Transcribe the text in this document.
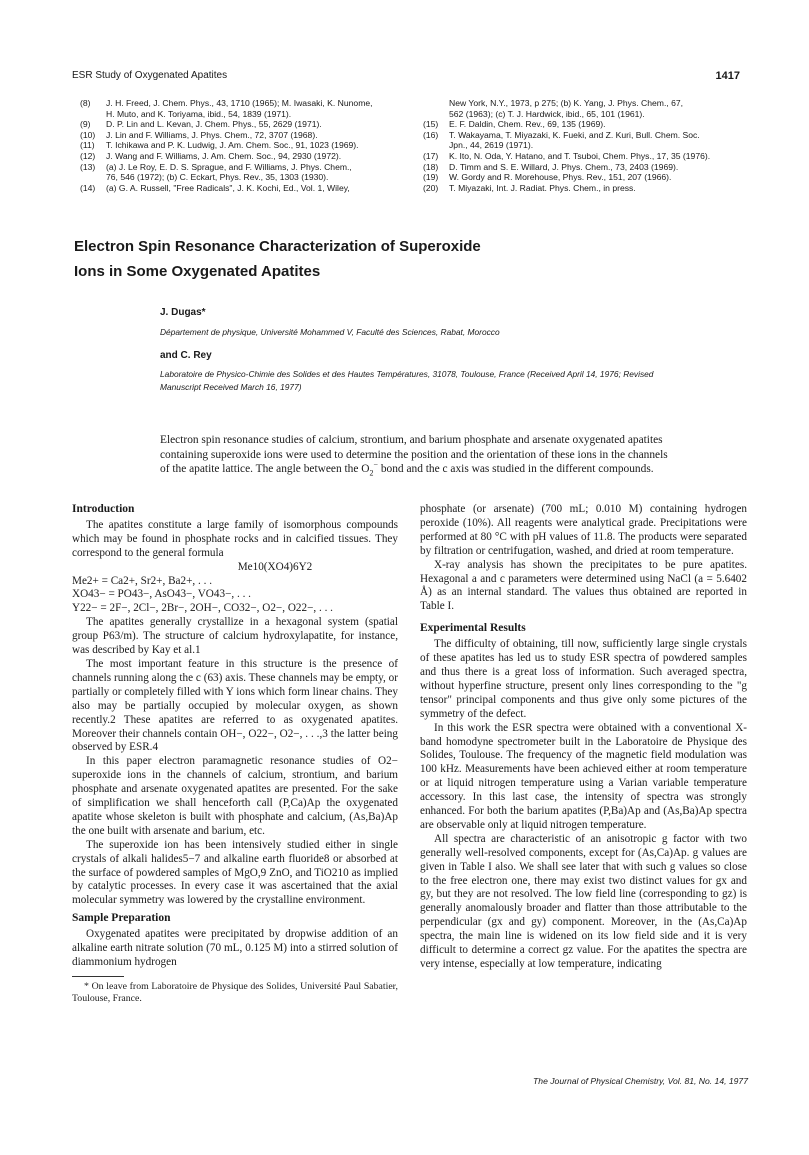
ESR Study of Oxygenated Apatites	1417
(8)	J. H. Freed, J. Chem. Phys., 43, 1710 (1965); M. Iwasaki, K. Nunome,
H. Muto, and K. Toriyama, ibid., 54, 1839 (1971).
(9)	D. P. Lin and L. Kevan, J. Chem. Phys., 55, 2629 (1971).
(10)	J. Lin and F. Williams, J. Phys. Chem., 72, 3707 (1968).
(11)	T. Ichikawa and P. K. Ludwig, J. Am. Chem. Soc., 91, 1023 (1969).
(12)	J. Wang and F. Williams, J. Am. Chem. Soc., 94, 2930 (1972).
(13)	(a) J. Le Roy, E. D. S. Sprague, and F. Williams, J. Phys. Chem.,
76, 546 (1972); (b) C. Eckart, Phys. Rev., 35, 1303 (1930).
(14)	(a) G. A. Russell, "Free Radicals", J. K. Kochi, Ed., Vol. 1, Wiley,
New York, N.Y., 1973, p 275; (b) K. Yang, J. Phys. Chem., 67,
562 (1963); (c) T. J. Hardwick, ibid., 65, 101 (1961).
(15)	E. F. Daldin, Chem. Rev., 69, 135 (1969).
(16)	T. Wakayama, T. Miyazaki, K. Fueki, and Z. Kuri, Bull. Chem. Soc.
Jpn., 44, 2619 (1971).
(17)	K. Ito, N. Oda, Y. Hatano, and T. Tsuboi, Chem. Phys., 17, 35 (1976).
(18)	D. Timm and S. E. Willard, J. Phys. Chem., 73, 2403 (1969).
(19)	W. Gordy and R. Morehouse, Phys. Rev., 151, 207 (1966).
(20)	T. Miyazaki, Int. J. Radiat. Phys. Chem., in press.
Electron Spin Resonance Characterization of Superoxide
Ions in Some Oxygenated Apatites
J. Dugas*
Département de physique, Université Mohammed V, Faculté des Sciences, Rabat, Morocco
and C. Rey
Laboratoire de Physico-Chimie des Solides et des Hautes Températures, 31078, Toulouse, France (Received April 14, 1976; Revised
Manuscript Received March 16, 1977)
Electron spin resonance studies of calcium, strontium, and barium phosphate and arsenate oxygenated apatites
containing superoxide ions were used to determine the position and the orientation of these ions in the channels
of the apatite lattice. The angle between the $O_2^-$ bond and the c axis was studied in the different compounds.
Introduction

The apatites constitute a large family of isomorphous compounds which may be found in phosphate rocks and in calcified tissues. They correspond to the general formula

Me10(XO4)6Y2
Me2+ = Ca2+, Sr2+, Ba2+, . . .
XO43− = PO43−, AsO43−, VO43−, . . .
Y22− = 2F−, 2Cl−, 2Br−, 2OH−, CO32−, O2−, O22−, . . .

The apatites generally crystallize in a hexagonal system (spatial group P63/m). The structure of calcium hydroxylapatite, for instance, was described by Kay et al.1

The most important feature in this structure is the presence of channels running along the c (63) axis. These channels may be empty, or partially or completely filled with Y ions which form linear chains. They also may be partially occupied by molecular oxygen, as shown recently.2 These apatites are referred to as oxygenated apatites. Moreover their channels contain OH−, O22−, O2−, . . .,3 the latter being observed by ESR.4

In this paper electron paramagnetic resonance studies of O2− superoxide ions in the channels of calcium, strontium, and barium phosphate and arsenate oxygenated apatites are presented. For the sake of simplification we shall henceforth call (P,Ca)Ap the oxygenated apatite whose skeleton is built with phosphate and calcium, (As,Ba)Ap the one built with arsenate and barium, etc.

The superoxide ion has been intensively studied either in single crystals of alkali halides5−7 and alkaline earth fluoride8 or absorbed at the surface of powdered samples of MgO,9 ZnO, and TiO210 as implied by catalytic processes. In every case it was ascertained that the axial molecular symmetry was lowered by the crystalline environment.

Sample Preparation

Oxygenated apatites were precipitated by dropwise addition of an alkaline earth nitrate solution (70 mL, 0.125 M) into a stirred solution of diammonium hydrogen

* On leave from Laboratoire de Physique des Solides, Université Paul Sabatier, Toulouse, France.

phosphate (or arsenate) (700 mL; 0.010 M) containing hydrogen peroxide (10%). All reagents were analytical grade. Precipitations were performed at 80 °C with pH values of 11.8. The products were separated by filtration or centrifugation, washed, and dried at room temperature.

X-ray analysis has shown the precipitates to be pure apatites. Hexagonal a and c parameters were determined using NaCl (a = 5.6402 Å) as an internal standard. The values thus obtained are reported in Table I.

Experimental Results

The difficulty of obtaining, till now, sufficiently large single crystals of these apatites has led us to study ESR spectra of powdered samples and thus there is a great loss of information. Such averaged spectra, without hyperfine structure, present only lines corresponding to the "g tensor" principal components and thus give only some pictures of the symmetry of the defect.

In this work the ESR spectra were obtained with a conventional X-band homodyne spectrometer built in the Laboratoire de Physique des Solides, Toulouse. The frequency of the magnetic field modulation was 100 kHz. Measurements have been achieved either at room temperature or at liquid nitrogen temperature using a Varian variable temperature accessory. In this last case, the intensity of spectra was strongly enhanced. For both the barium apatites (P,Ba)Ap and (As,Ba)Ap spectra are observable only at liquid nitrogen temperature.

All spectra are characteristic of an anisotropic g factor with two generally well-resolved components, except for (As,Ca)Ap. g values are given in Table I also. We shall see later that with such g values so close to the free electron one, there may exist two distinct values for gx and gy, but they are not resolved. The low field line (corresponding to gz) is generally anomalously broader and flatter than those attributable to the perpendicular (gx and gy) component. Moreover, in the (As,Ca)Ap spectra, the main line is widened on its low field side and it is very difficult to determine a correct gz value. For the apatites the spectra are very intense, especially at low temperature, indicating

The Journal of Physical Chemistry, Vol. 81, No. 14, 1977
